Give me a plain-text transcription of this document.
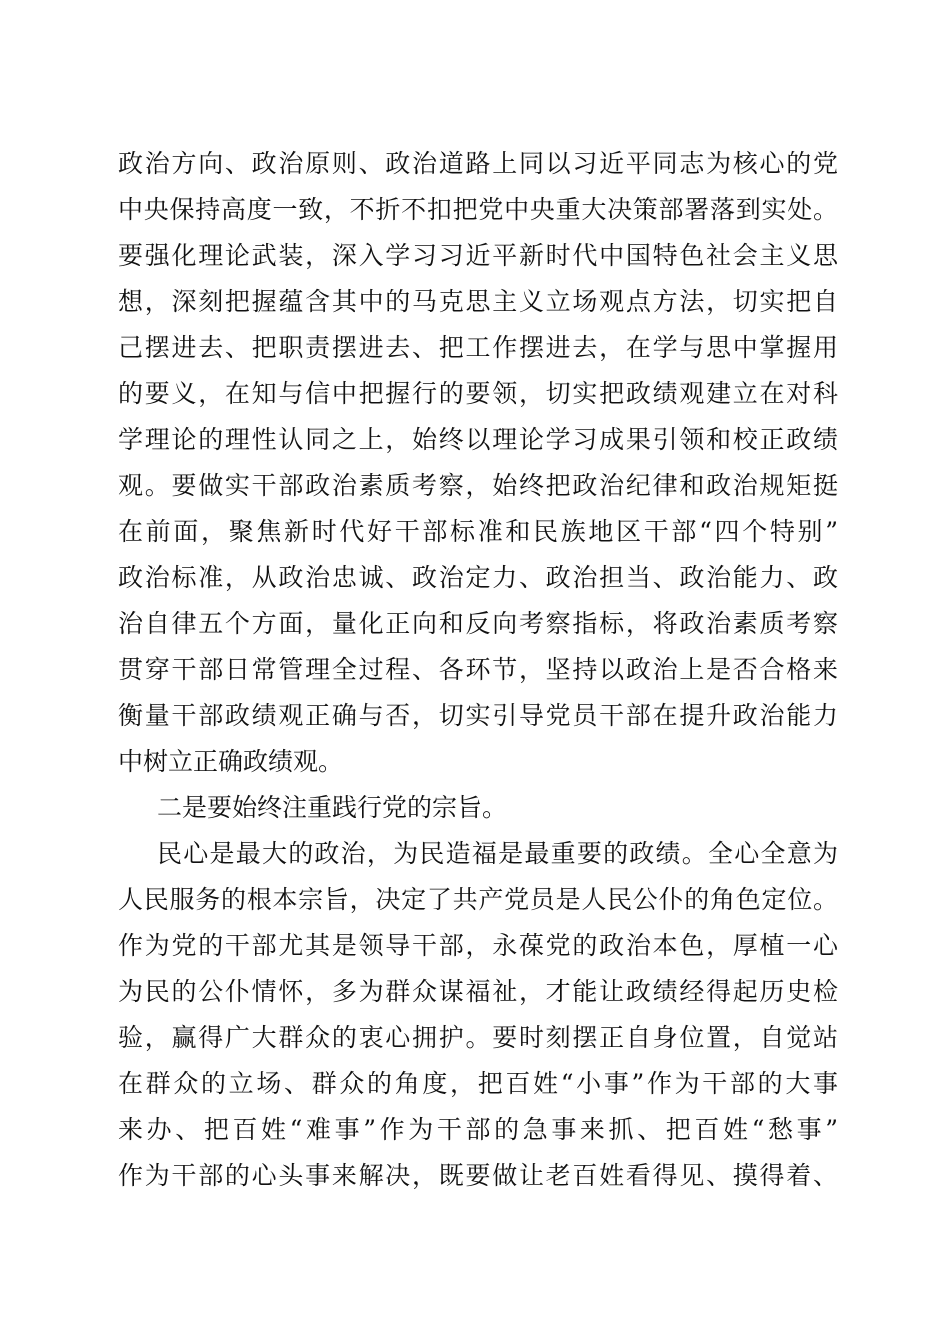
政治方向、政治原则、政治道路上同以习近平同志为核心的党
中央保持高度一致，不折不扣把党中央重大决策部署落到实处。
要强化理论武装，深入学习习近平新时代中国特色社会主义思
想，深刻把握蕴含其中的马克思主义立场观点方法，切实把自
己摆进去、把职责摆进去、把工作摆进去，在学与思中掌握用
的要义，在知与信中把握行的要领，切实把政绩观建立在对科
学理论的理性认同之上，始终以理论学习成果引领和校正政绩
观。要做实干部政治素质考察，始终把政治纪律和政治规矩挺
在前面，聚焦新时代好干部标准和民族地区干部“四个特别”
政治标准，从政治忠诚、政治定力、政治担当、政治能力、政
治自律五个方面，量化正向和反向考察指标，将政治素质考察
贯穿干部日常管理全过程、各环节，坚持以政治上是否合格来
衡量干部政绩观正确与否，切实引导党员干部在提升政治能力
中树立正确政绩观。
二是要始终注重践行党的宗旨。
民心是最大的政治，为民造福是最重要的政绩。全心全意为
人民服务的根本宗旨，决定了共产党员是人民公仆的角色定位。
作为党的干部尤其是领导干部，永葆党的政治本色，厚植一心
为民的公仆情怀，多为群众谋福祉，才能让政绩经得起历史检
验，赢得广大群众的衷心拥护。要时刻摆正自身位置，自觉站
在群众的立场、群众的角度，把百姓“小事”作为干部的大事
来办、把百姓“难事”作为干部的急事来抓、把百姓“愁事”
作为干部的心头事来解决，既要做让老百姓看得见、摸得着、
